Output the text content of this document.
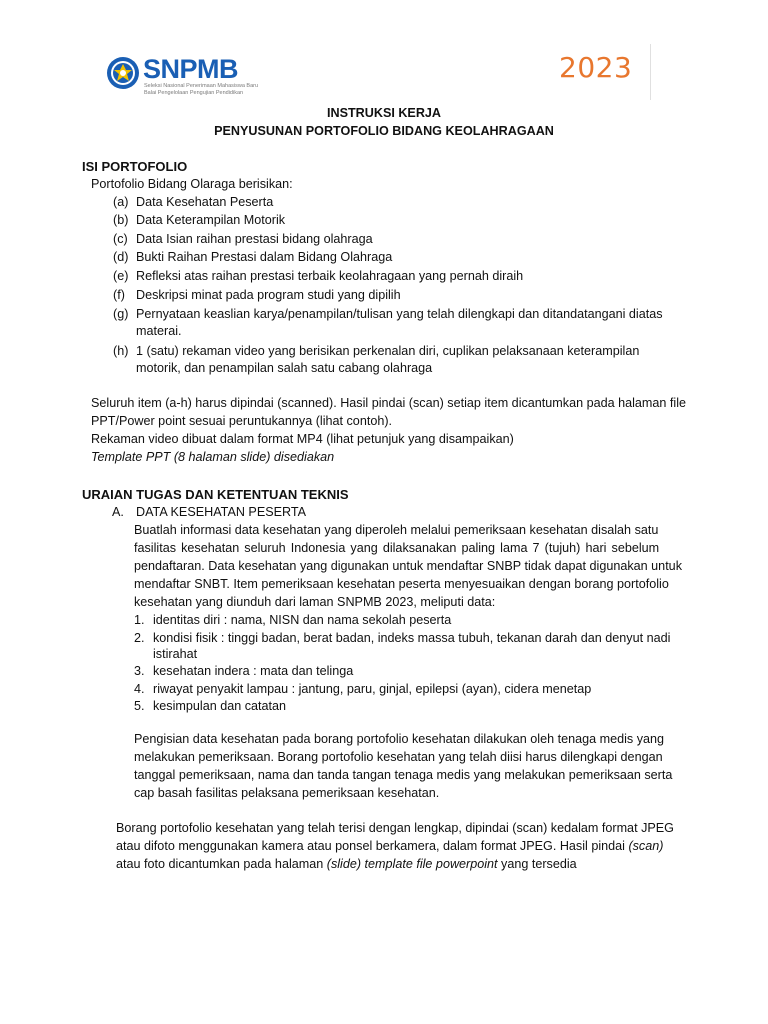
SNPMB
Seleksi Nasional Penerimaan Mahasiswa Baru
Balai Pengelolaan Pengujian Pendidikan
2023
INSTRUKSI KERJA
PENYUSUNAN PORTOFOLIO BIDANG KEOLAHRAGAAN
ISI PORTOFOLIO
Portofolio Bidang Olaraga berisikan:
(a) Data Kesehatan Peserta
(b) Data Keterampilan Motorik
(c) Data Isian raihan prestasi bidang olahraga
(d) Bukti Raihan Prestasi dalam Bidang Olahraga
(e) Refleksi atas raihan prestasi terbaik keolahragaan yang pernah diraih
(f) Deskripsi minat pada program studi yang dipilih
(g) Pernyataan keaslian karya/penampilan/tulisan yang telah dilengkapi dan ditandatangani diatas
materai.
(h) 1 (satu) rekaman video yang berisikan perkenalan diri, cuplikan pelaksanaan keterampilan
motorik, dan penampilan salah satu cabang olahraga
Seluruh item (a-h) harus dipindai (scanned). Hasil pindai (scan) setiap item dicantumkan pada halaman file
PPT/Power point sesuai peruntukannya (lihat contoh).
Rekaman video dibuat dalam format MP4 (lihat petunjuk yang disampaikan)
Template PPT (8 halaman slide) disediakan
URAIAN TUGAS DAN KETENTUAN TEKNIS
A. DATA KESEHATAN PESERTA
Buatlah informasi data kesehatan yang diperoleh melalui pemeriksaan kesehatan disalah satu
fasilitas kesehatan seluruh Indonesia yang dilaksanakan paling lama 7 (tujuh) hari sebelum
pendaftaran. Data kesehatan yang digunakan untuk mendaftar SNBP tidak dapat digunakan untuk
mendaftar SNBT. Item pemeriksaan kesehatan peserta menyesuaikan dengan borang portofolio
kesehatan yang diunduh dari laman SNPMB 2023, meliputi data:
1. identitas diri : nama, NISN dan nama sekolah peserta
2. kondisi fisik : tinggi badan, berat badan, indeks massa tubuh, tekanan darah dan denyut nadi
istirahat
3. kesehatan indera : mata dan telinga
4. riwayat penyakit lampau : jantung, paru, ginjal, epilepsi (ayan), cidera menetap
5. kesimpulan dan catatan
Pengisian data kesehatan pada borang portofolio kesehatan dilakukan oleh tenaga medis yang
melakukan pemeriksaan. Borang portofolio kesehatan yang telah diisi harus dilengkapi dengan
tanggal pemeriksaan, nama dan tanda tangan tenaga medis yang melakukan pemeriksaan serta
cap basah fasilitas pelaksana pemeriksaan kesehatan.
Borang portofolio kesehatan yang telah terisi dengan lengkap, dipindai (scan) kedalam format JPEG
atau difoto menggunakan kamera atau ponsel berkamera, dalam format JPEG. Hasil pindai (scan)
atau foto dicantumkan pada halaman (slide) template file powerpoint yang tersedia
